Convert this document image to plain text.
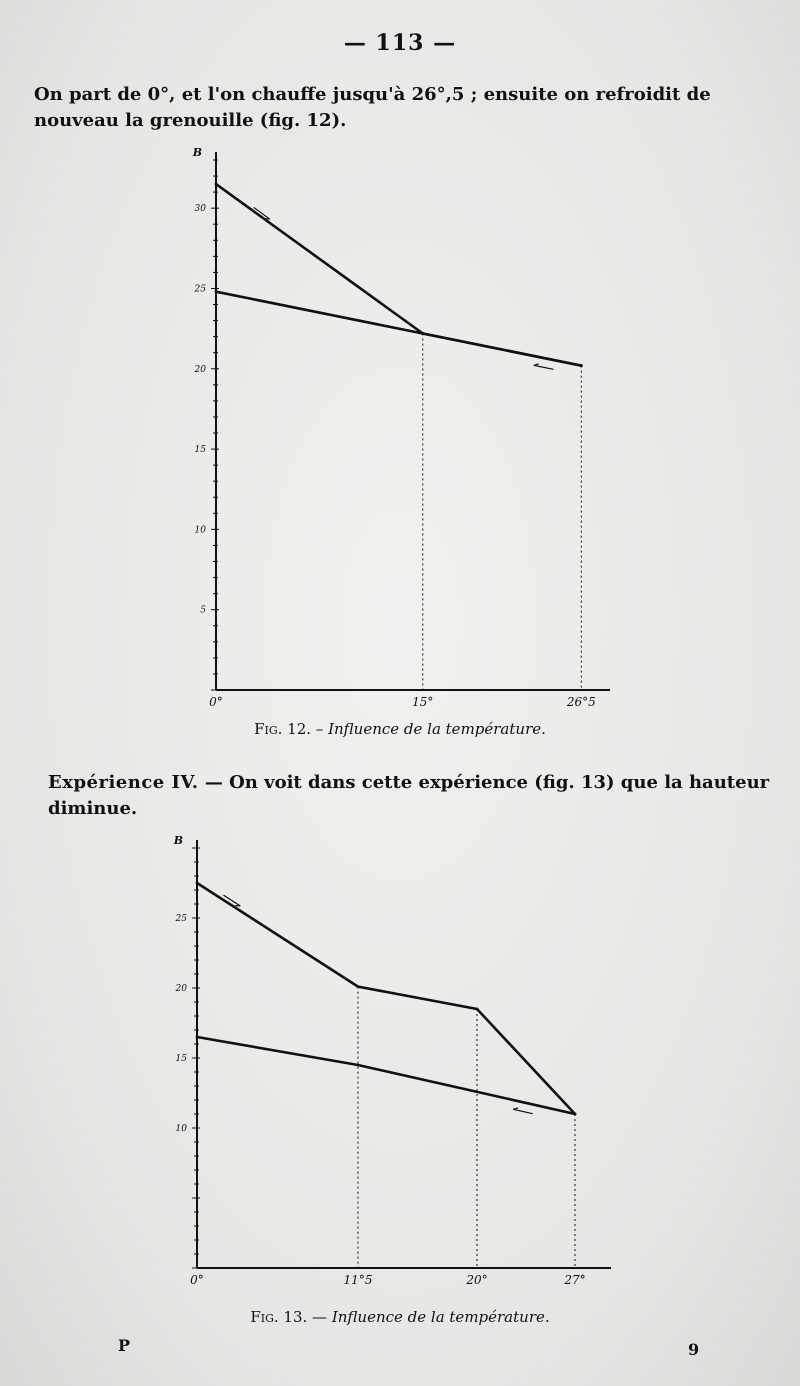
— 113 —
On part de 0°, et l'on chauffe jusqu'à 26°,5 ; ensuite on refroidit de nouveau la grenouille (fig. 12).
5
10
15
20
25
30
B
0°	15°	26°5
10
15
20
25
B
0°	11°5	20°	27°
Fig. 12. – Influence de la température.
Expérience IV. — On voit dans cette expérience (fig. 13) que la hauteur diminue.
Fig. 13. — Influence de la température.
P	9
